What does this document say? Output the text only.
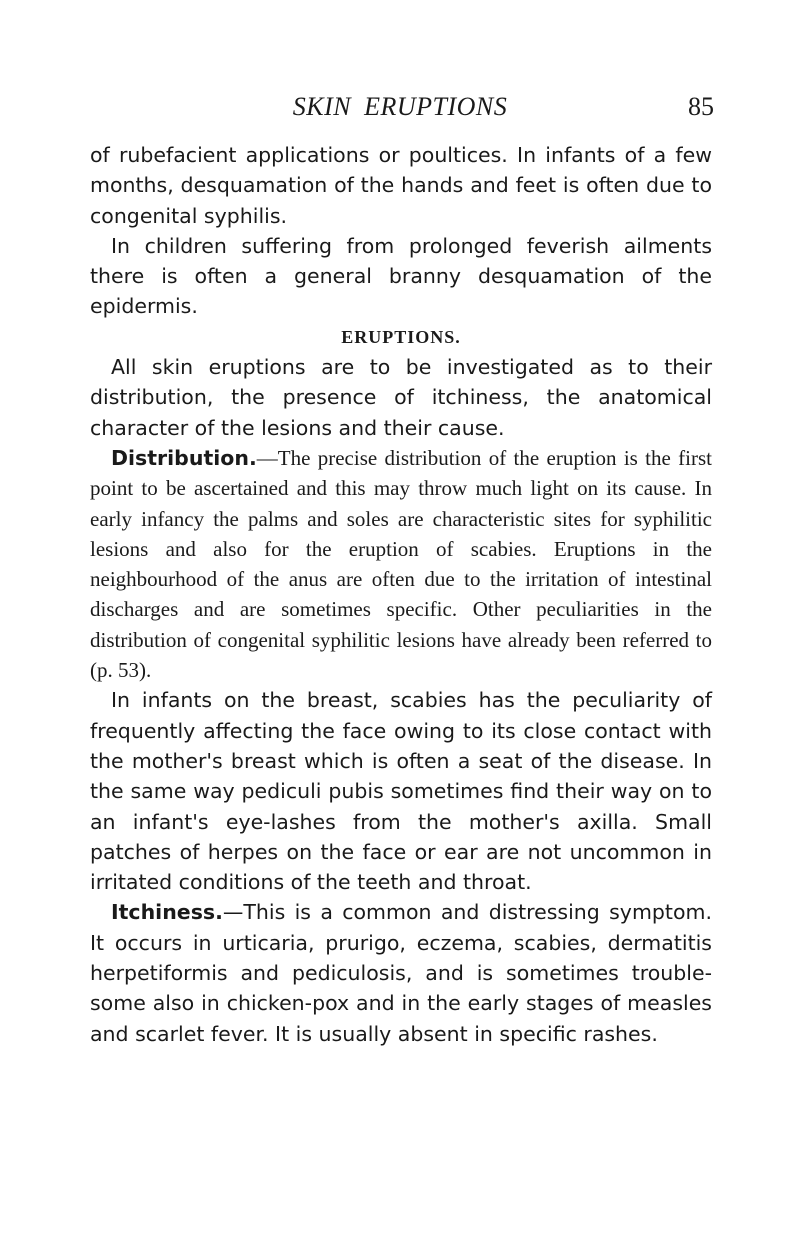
SKIN ERUPTIONS	85

of rubefacient applications or poultices. In infants of a few months, desquamation of the hands and feet is often due to congenital syphilis.

In children suffering from prolonged feverish ailments there is often a general branny desquamation of the epidermis.

ERUPTIONS.

All skin eruptions are to be investigated as to their distribution, the presence of itchiness, the anatomical character of the lesions and their cause.

Distribution.—The precise distribution of the eruption is the first point to be ascertained and this may throw much light on its cause. In early infancy the palms and soles are characteristic sites for syphilitic lesions and also for the eruption of scabies. Eruptions in the neighbourhood of the anus are often due to the irritation of intestinal discharges and are sometimes specific. Other peculiarities in the distribution of congenital syphilitic lesions have already been referred to (p. 53).

In infants on the breast, scabies has the peculiarity of frequently affecting the face owing to its close contact with the mother's breast which is often a seat of the disease. In the same way pediculi pubis sometimes find their way on to an infant's eye-lashes from the mother's axilla. Small patches of herpes on the face or ear are not uncommon in irritated conditions of the teeth and throat.

Itchiness.—This is a common and distressing symptom. It occurs in urticaria, prurigo, eczema, scabies, dermatitis herpetiformis and pediculosis, and is sometimes trouble-some also in chicken-pox and in the early stages of measles and scarlet fever. It is usually absent in specific rashes.
